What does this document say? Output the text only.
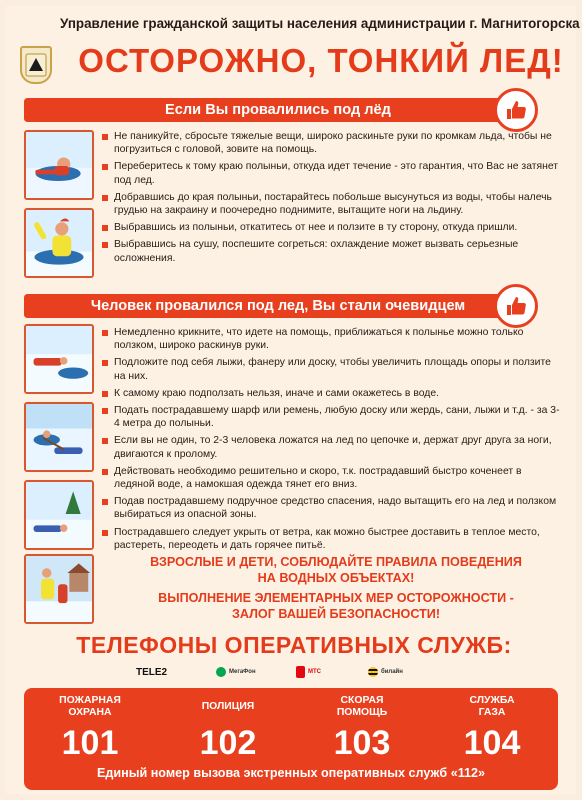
Управление гражданской защиты населения администрации г. Магнитогорска
ОСТОРОЖНО, ТОНКИЙ ЛЕД!
Если Вы провалились под лёд
Не паникуйте, сбросьте тяжелые вещи, широко раскиньте руки по кромкам льда, чтобы не погрузиться с головой, зовите на помощь.
Переберитесь к тому краю полыньи, откуда идет течение - это гарантия, что Вас не затянет под лед.
Добравшись до края полыньи, постарайтесь побольше высунуться из воды, чтобы налечь грудью на закраину и поочередно поднимите, вытащите ноги на льдину.
Выбравшись из полыньи, откатитесь от нее и ползите в ту сторону, откуда пришли.
Выбравшись на сушу, поспешите согреться: охлаждение может вызвать серьезные осложнения.
Человек провалился под лед, Вы стали очевидцем
Немедленно крикните, что идете на помощь, приближаться к полынье можно только ползком, широко раскинув руки.
Подложите под себя лыжи, фанеру или доску, чтобы увеличить площадь опоры и ползите на них.
К самому краю подползать нельзя, иначе и сами окажетесь в воде.
Подать пострадавшему шарф или ремень, любую доску или жердь, сани, лыжи и т.д. - за 3-4 метра до полыньи.
Если вы не один, то 2-3 человека ложатся на лед по цепочке и, держат друг друга за ноги, двигаются к пролому.
Действовать необходимо решительно и скоро, т.к. пострадавший быстро коченеет в ледяной воде, а намокшая одежда тянет его вниз.
Подав пострадавшему подручное средство спасения, надо вытащить его на лед и ползком выбираться из опасной зоны.
Пострадавшего следует укрыть от ветра, как можно быстрее доставить в теплое место, растереть, переодеть и дать горячее питьё.
ВЗРОСЛЫЕ И ДЕТИ, СОБЛЮДАЙТЕ ПРАВИЛА ПОВЕДЕНИЯ
НА ВОДНЫХ ОБЪЕКТАХ!
ВЫПОЛНЕНИЕ ЭЛЕМЕНТАРНЫХ МЕР ОСТОРОЖНОСТИ -
ЗАЛОГ ВАШЕЙ БЕЗОПАСНОСТИ!
ТЕЛЕФОНЫ ОПЕРАТИВНЫХ СЛУЖБ:
TELE2	МегаФон	МТС	билайн
ПОЖАРНАЯ
ОХРАНА
101
ПОЛИЦИЯ
102
СКОРАЯ
ПОМОЩЬ
103
СЛУЖБА
ГАЗА
104
Единый номер вызова экстренных оперативных служб «112»
